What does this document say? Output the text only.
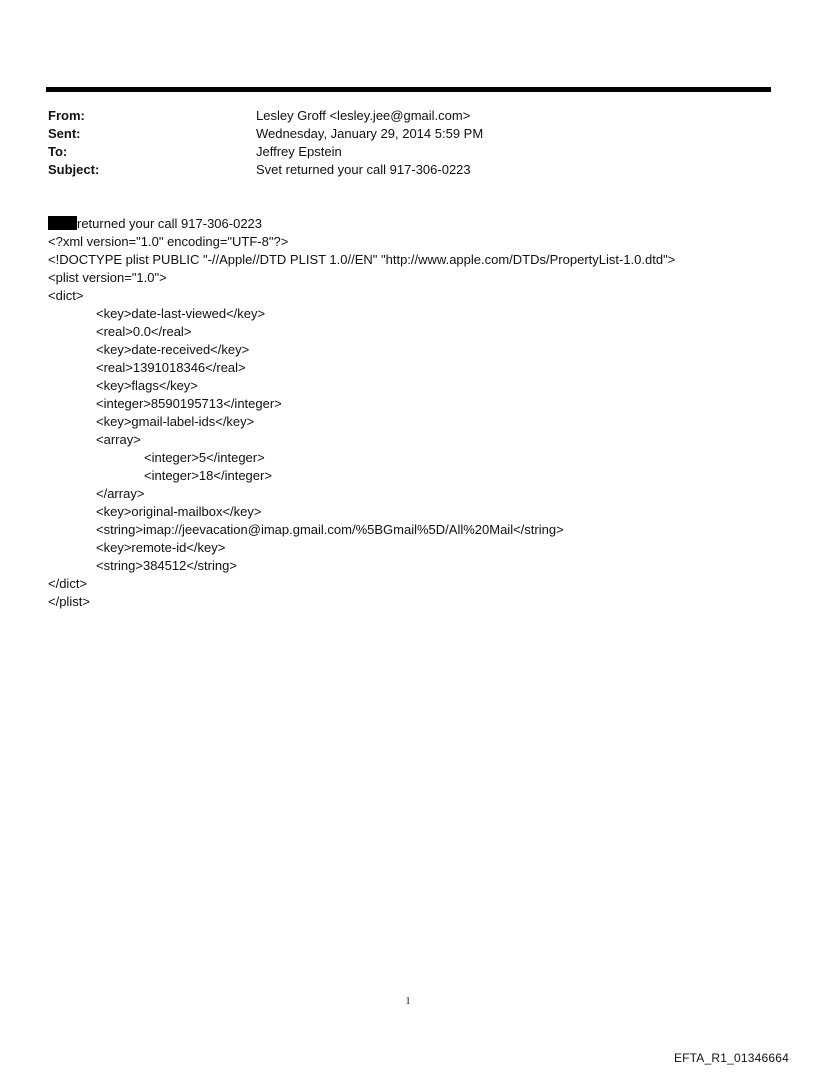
From:	Lesley Groff <lesley.jee@gmail.com>
Sent:	Wednesday, January 29, 2014 5:59 PM
To:	Jeffrey Epstein
Subject:	Svet returned your call 917-306-0223
returned your call 917-306-0223
<?xml version="1.0" encoding="UTF-8"?>
<!DOCTYPE plist PUBLIC "-//Apple//DTD PLIST 1.0//EN" "http://www.apple.com/DTDs/PropertyList-1.0.dtd">
<plist version="1.0">
<dict>
<key>date-last-viewed</key>
<real>0.0</real>
<key>date-received</key>
<real>1391018346</real>
<key>flags</key>
<integer>8590195713</integer>
<key>gmail-label-ids</key>
<array>
<integer>5</integer>
<integer>18</integer>
</array>
<key>original-mailbox</key>
<string>imap://jeevacation@imap.gmail.com/%5BGmail%5D/All%20Mail</string>
<key>remote-id</key>
<string>384512</string>
</dict>
</plist>
1
EFTA_R1_01346664
